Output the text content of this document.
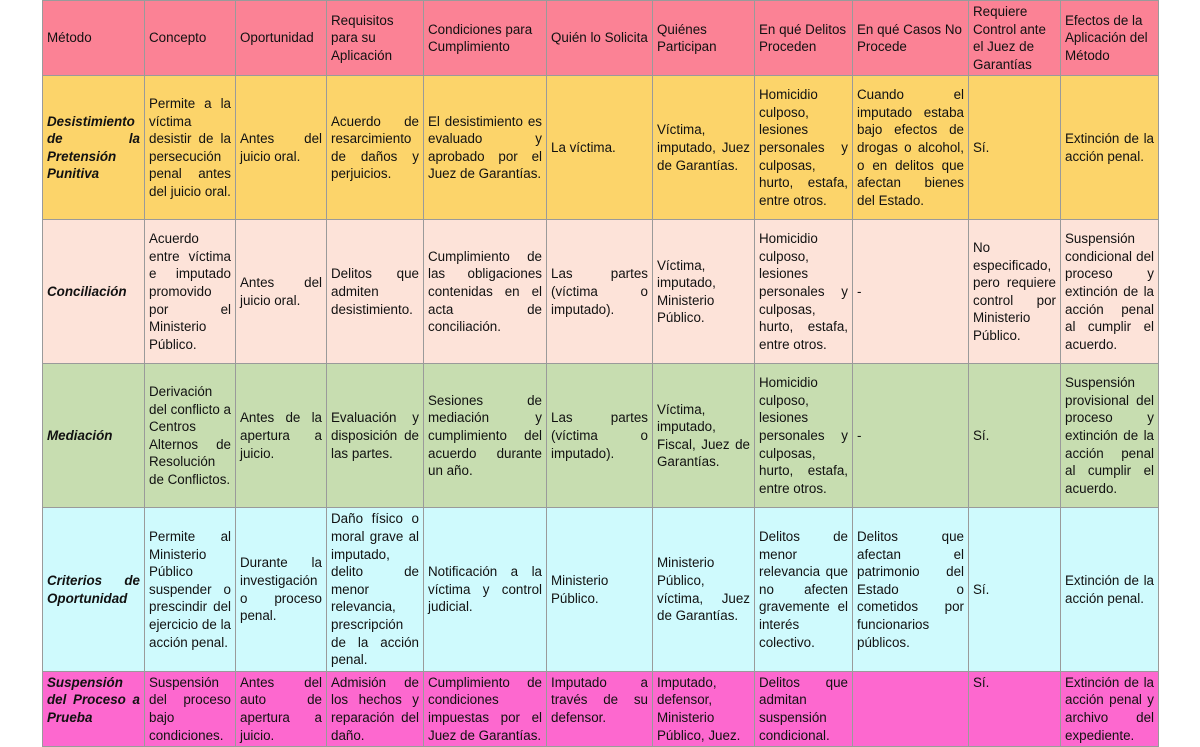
Método	Concepto	Oportunidad	Requisitos para su Aplicación	Condiciones para Cumplimiento	Quién lo Solicita	Quiénes Participan	En qué Delitos Proceden	En qué Casos No Procede	Requiere Control ante el Juez de Garantías	Efectos de la Aplicación del Método
Desistimiento de la Pretensión Punitiva	Permite a la víctima desistir de la persecución penal antes del juicio oral.	Antes del juicio oral.	Acuerdo de resarcimiento de daños y perjuicios.	El desistimiento es evaluado y aprobado por el Juez de Garantías.	La víctima.	Víctima, imputado, Juez de Garantías.	Homicidio culposo, lesiones personales y culposas, hurto, estafa, entre otros.	Cuando el imputado estaba bajo efectos de drogas o alcohol, o en delitos que afectan bienes del Estado.	Sí.	Extinción de la acción penal.
Conciliación	Acuerdo entre víctima e imputado promovido por el Ministerio Público.	Antes del juicio oral.	Delitos que admiten desistimiento.	Cumplimiento de las obligaciones contenidas en el acta de conciliación.	Las partes (víctima o imputado).	Víctima, imputado, Ministerio Público.	Homicidio culposo, lesiones personales y culposas, hurto, estafa, entre otros.	-	No especificado, pero requiere control por Ministerio Público.	Suspensión condicional del proceso y extinción de la acción penal al cumplir el acuerdo.
Mediación	Derivación del conflicto a Centros Alternos de Resolución de Conflictos.	Antes de la apertura a juicio.	Evaluación y disposición de las partes.	Sesiones de mediación y cumplimiento del acuerdo durante un año.	Las partes (víctima o imputado).	Víctima, imputado, Fiscal, Juez de Garantías.	Homicidio culposo, lesiones personales y culposas, hurto, estafa, entre otros.	-	Sí.	Suspensión provisional del proceso y extinción de la acción penal al cumplir el acuerdo.
Criterios de Oportunidad	Permite al Ministerio Público suspender o prescindir del ejercicio de la acción penal.	Durante la investigación o proceso penal.	Daño físico o moral grave al imputado, delito de menor relevancia, prescripción de la acción penal.	Notificación a la víctima y control judicial.	Ministerio Público.	Ministerio Público, víctima, Juez de Garantías.	Delitos de menor relevancia que no afecten gravemente el interés colectivo.	Delitos que afectan el patrimonio del Estado o cometidos por funcionarios públicos.	Sí.	Extinción de la acción penal.
Suspensión del Proceso a Prueba	Suspensión del proceso bajo condiciones.	Antes del auto de apertura a juicio.	Admisión de los hechos y reparación del daño.	Cumplimiento de condiciones impuestas por el Juez de Garantías.	Imputado a través de su defensor.	Imputado, defensor, Ministerio Público, Juez.	Delitos que admitan suspensión condicional.		Sí.	Extinción de la acción penal y archivo del expediente.
